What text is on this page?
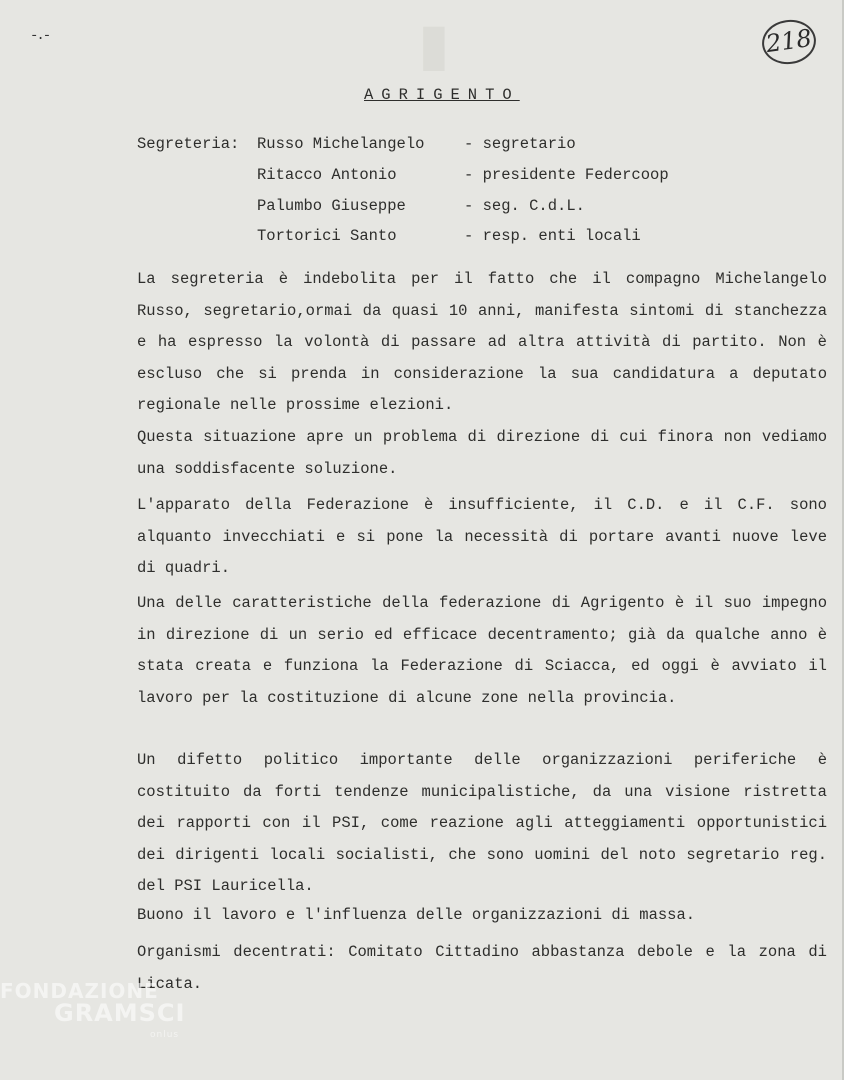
▮
-.-	218
AGRIGENTO
Segreteria: Russo Michelangelo	- segretario
Ritacco Antonio	- presidente Federcoop
Palumbo Giuseppe	- seg. C.d.L.
Tortorici Santo	- resp. enti locali
La segreteria è indebolita per il fatto che il compagno Michelangelo Russo, segretario,ormai da quasi 10 anni, manifesta sintomi di stanchezza e ha espresso la volontà di passare ad altra attività di partito. Non è escluso che si prenda in considerazione la sua candidatura a deputato regionale nelle prossime elezioni.
Questa situazione apre un problema di direzione di cui finora non vediamo una soddisfacente soluzione.
L'apparato della Federazione è insufficiente, il C.D. e il C.F. sono alquanto invecchiati e si pone la necessità di portare avanti nuove leve di quadri.
Una delle caratteristiche della federazione di Agrigento è il suo impegno in direzione di un serio ed efficace decentramento; già da qualche anno è stata creata e funziona la Federazione di Sciacca, ed oggi è avviato il lavoro per la costituzione di alcune zone nella provincia.
Un difetto politico importante delle organizzazioni periferiche è costituito da forti tendenze municipalistiche, da una visione ristretta dei rapporti con il PSI, come reazione agli atteggiamenti opportunistici dei dirigenti locali socialisti, che sono uomini del noto segretario reg. del PSI Lauricella.
Buono il lavoro e l'influenza delle organizzazioni di massa.
Organismi decentrati: Comitato Cittadino abbastanza debole e la zona di Licata.
FONDAZIONE
GRAMSCI
onlus
